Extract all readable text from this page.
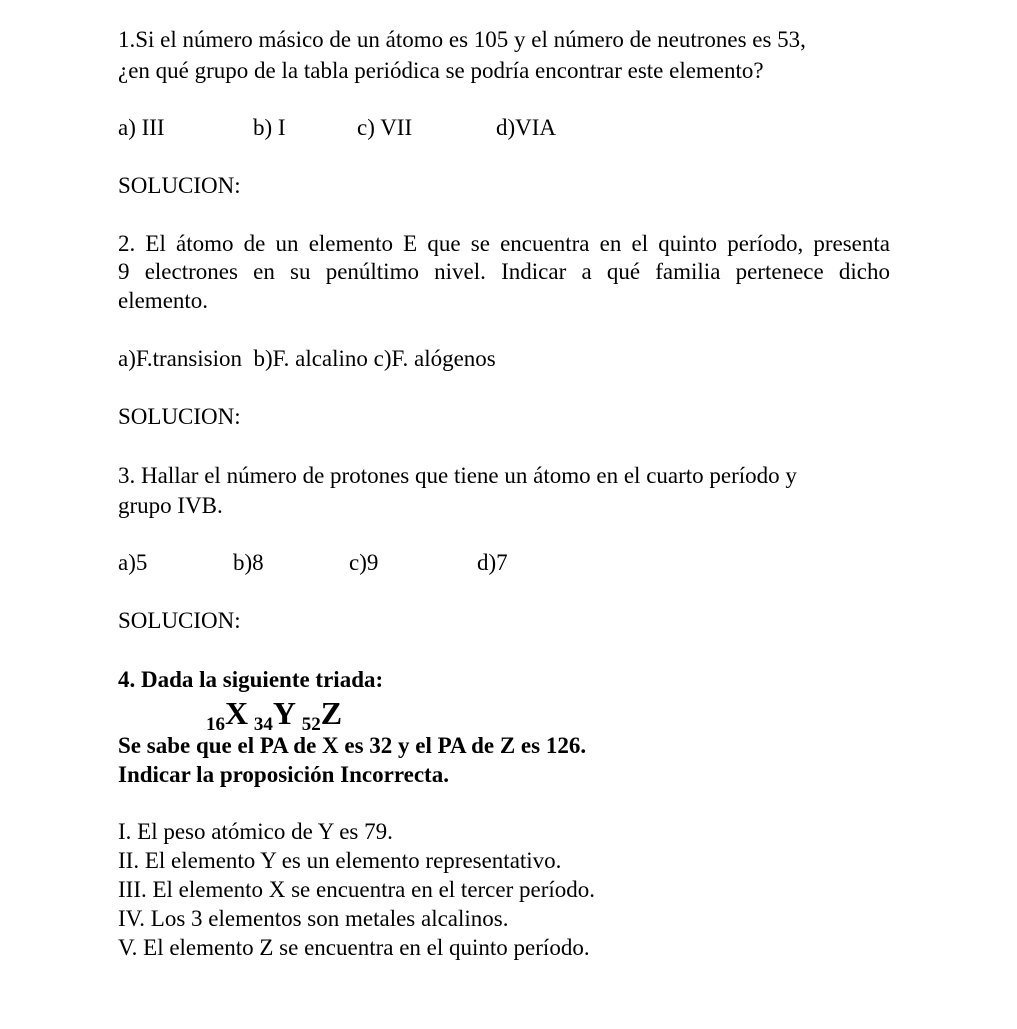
1.Si el número másico de un átomo es 105 y el número de neutrones es 53,
¿en qué grupo de la tabla periódica se podría encontrar este elemento?
a) III	b) I	c) VII	d)VIA
SOLUCION:
2. El átomo de un elemento E que se encuentra en el quinto período, presenta
9 electrones en su penúltimo nivel. Indicar a qué familia pertenece dicho
elemento.
a)F.transision  b)F. alcalino c)F. alógenos
SOLUCION:
3. Hallar el número de protones que tiene un átomo en el cuarto período y
grupo IVB.
a)5	b)8	c)9	d)7
SOLUCION:
4. Dada la siguiente triada:
$_{16}$X $_{34}$Y $_{52}$Z
Se sabe que el PA de X es 32 y el PA de Z es 126.
Indicar la proposición Incorrecta.
I. El peso atómico de Y es 79.
II. El elemento Y es un elemento representativo.
III. El elemento X se encuentra en el tercer período.
IV. Los 3 elementos son metales alcalinos.
V. El elemento Z se encuentra en el quinto período.
